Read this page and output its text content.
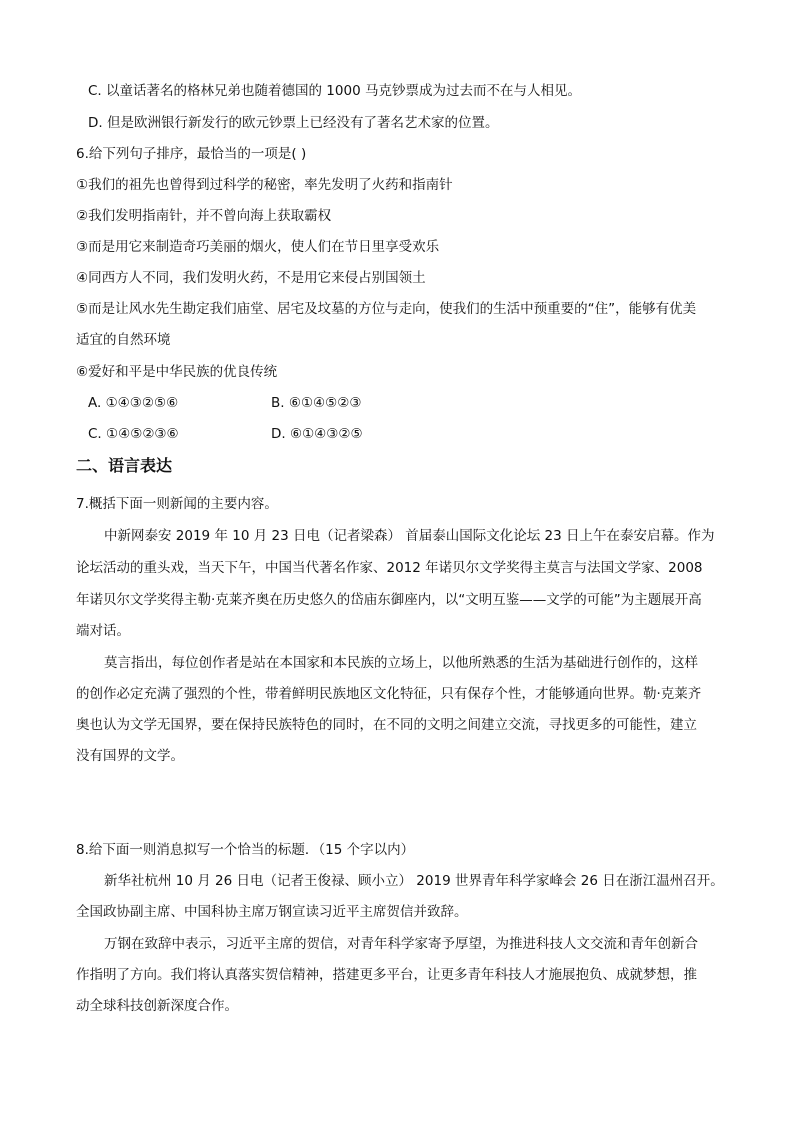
C. 以童话著名的格林兄弟也随着德国的 1000 马克钞票成为过去而不在与人相见。
D. 但是欧洲银行新发行的欧元钞票上已经没有了著名艺术家的位置。
6.给下列句子排序，最恰当的一项是( )
①我们的祖先也曾得到过科学的秘密，率先发明了火药和指南针
②我们发明指南针，并不曾向海上获取霸权
③而是用它来制造奇巧美丽的烟火，使人们在节日里享受欢乐
④同西方人不同，我们发明火药，不是用它来侵占别国领土
⑤而是让风水先生勘定我们庙堂、居宅及坟墓的方位与走向，使我们的生活中预重要的“住”，能够有优美
适宜的自然环境
⑥爱好和平是中华民族的优良传统
A. ①④③②⑤⑥	B. ⑥①④⑤②③
C. ①④⑤②③⑥	D. ⑥①④③②⑤
二、语言表达
7.概括下面一则新闻的主要内容。
中新网泰安 2019 年 10 月 23 日电（记者梁森） 首届泰山国际文化论坛 23 日上午在泰安启幕。作为
论坛活动的重头戏，当天下午，中国当代著名作家、2012 年诺贝尔文学奖得主莫言与法国文学家、2008
年诺贝尔文学奖得主勒·克莱齐奥在历史悠久的岱庙东御座内，以“文明互鉴——文学的可能”为主题展开高
端对话。
莫言指出，每位创作者是站在本国家和本民族的立场上，以他所熟悉的生活为基础进行创作的，这样
的创作必定充满了强烈的个性，带着鲜明民族地区文化特征，只有保存个性，才能够通向世界。勒·克莱齐
奥也认为文学无国界，要在保持民族特色的同时，在不同的文明之间建立交流，寻找更多的可能性，建立
没有国界的文学。
8.给下面一则消息拟写一个恰当的标题．（15 个字以内）
新华社杭州 10 月 26 日电（记者王俊禄、顾小立） 2019 世界青年科学家峰会 26 日在浙江温州召开。
全国政协副主席、中国科协主席万钢宣读习近平主席贺信并致辞。
万钢在致辞中表示，习近平主席的贺信，对青年科学家寄予厚望，为推进科技人文交流和青年创新合
作指明了方向。我们将认真落实贺信精神，搭建更多平台，让更多青年科技人才施展抱负、成就梦想，推
动全球科技创新深度合作。
